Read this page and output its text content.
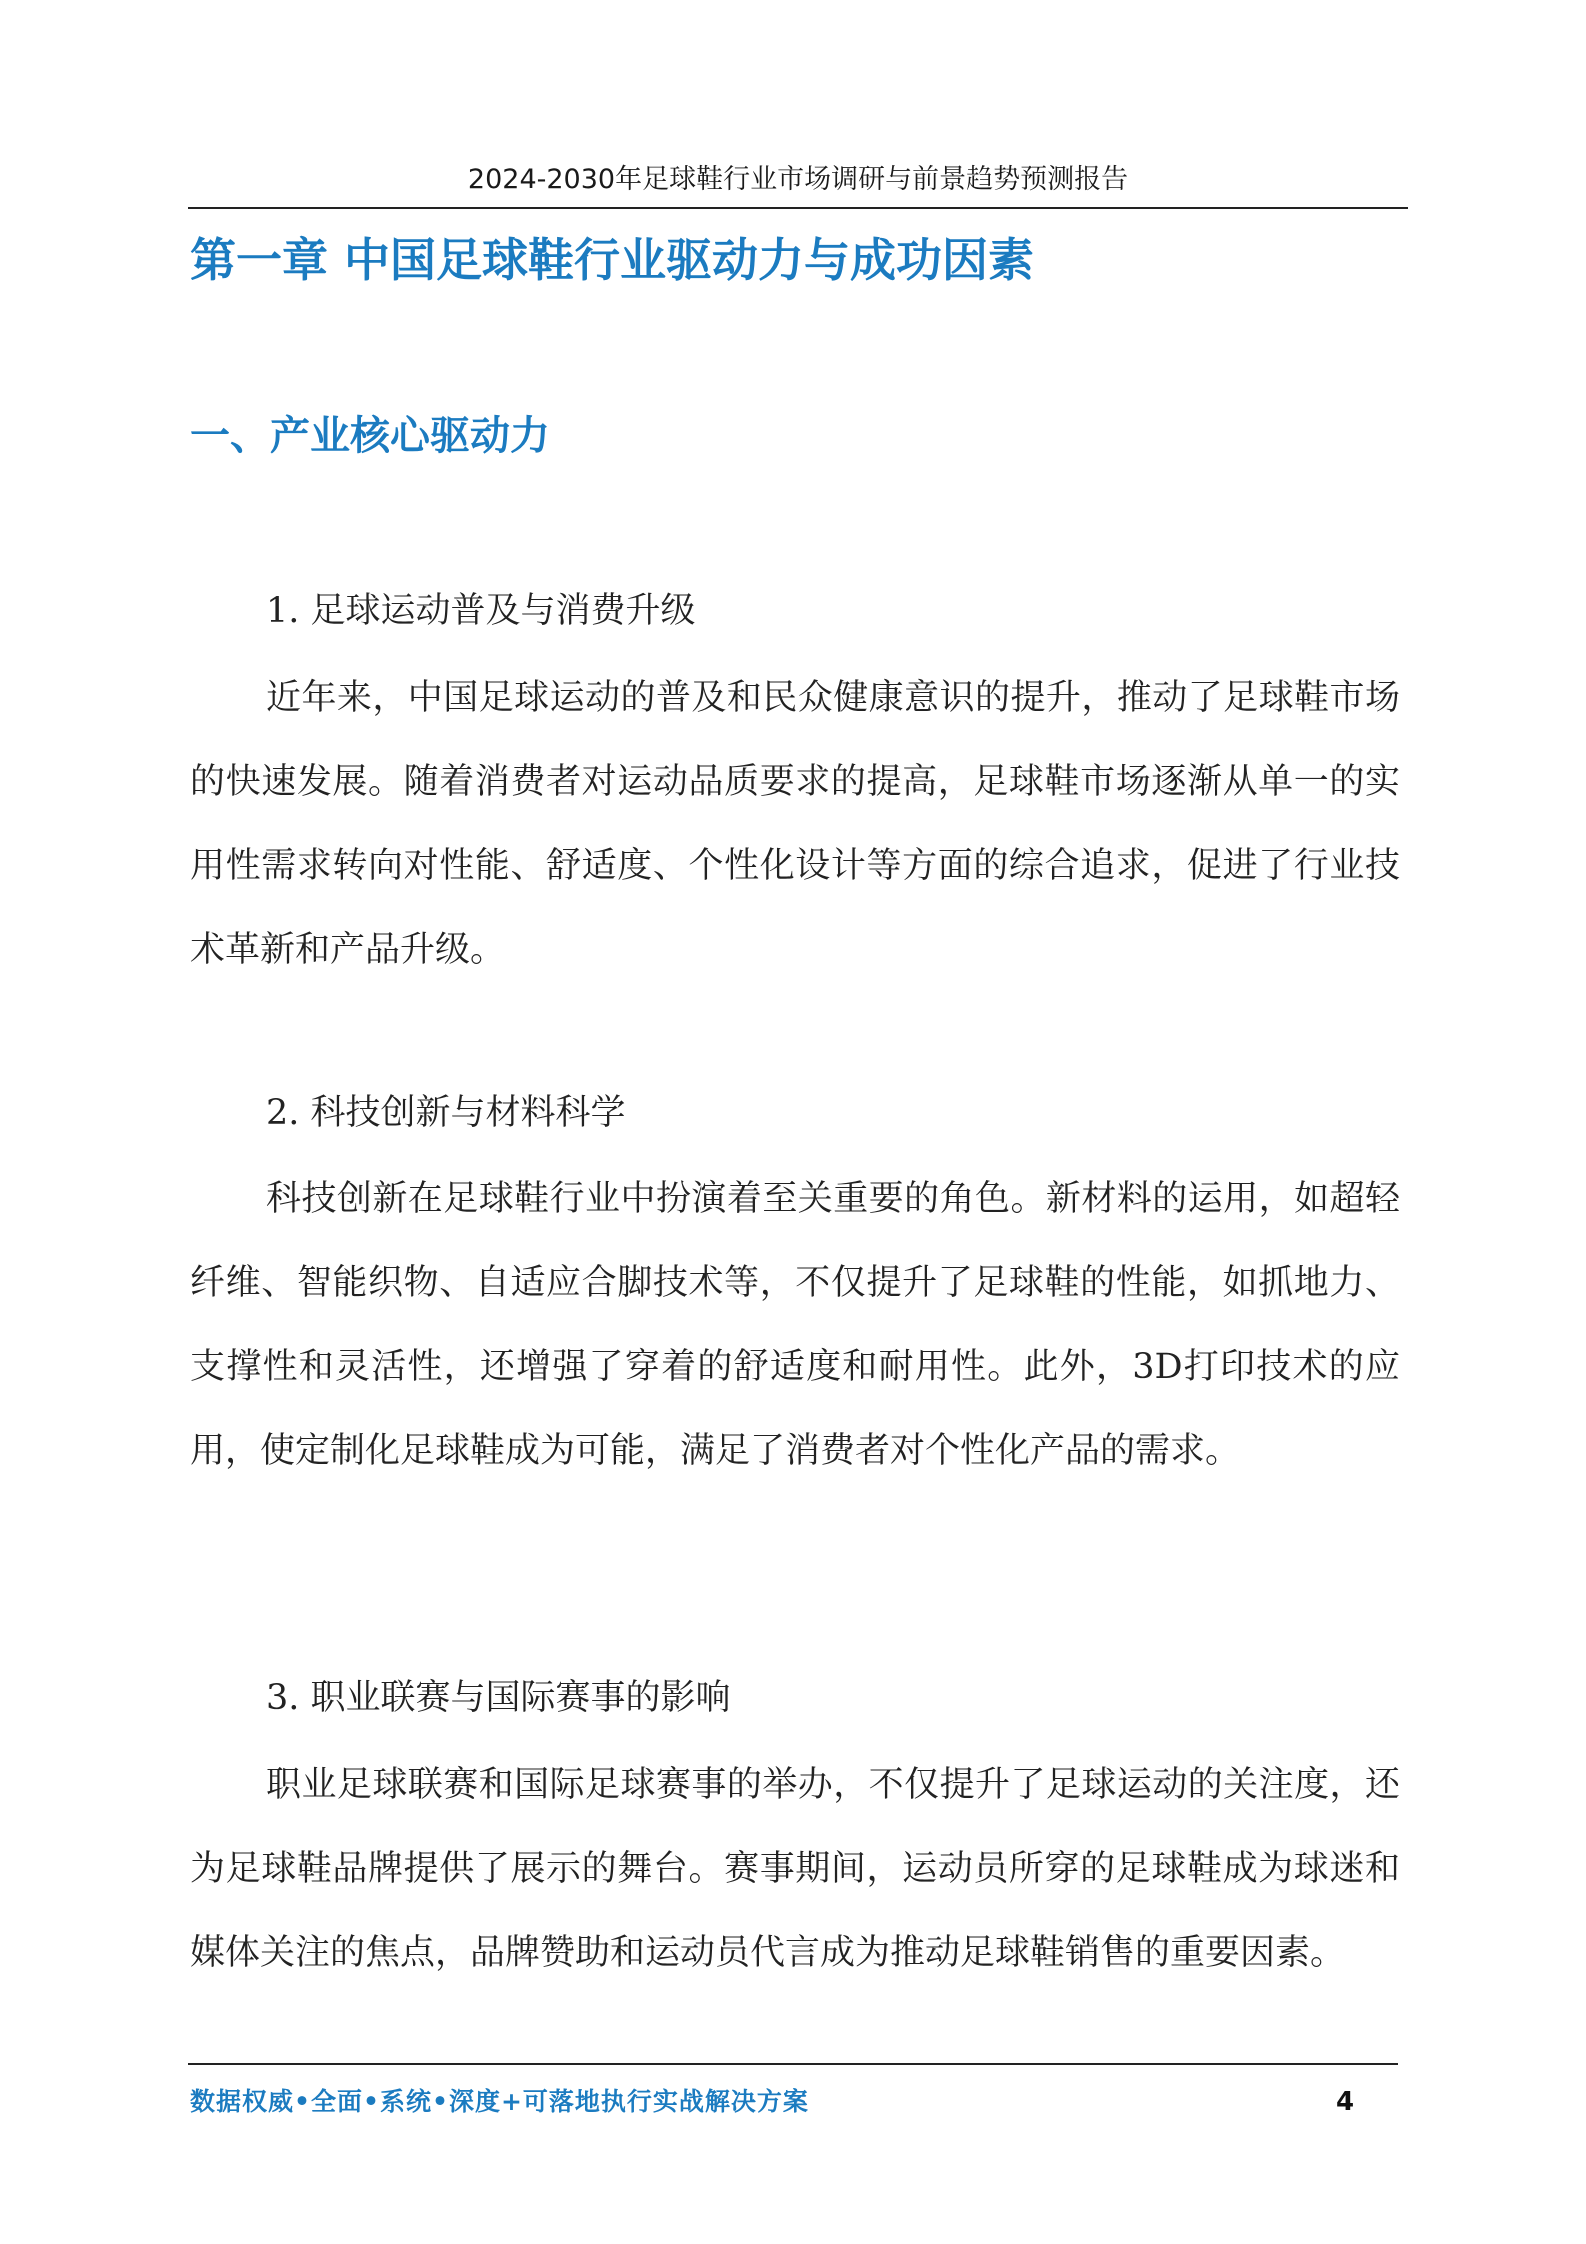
2024-2030年足球鞋行业市场调研与前景趋势预测报告
第一章 中国足球鞋行业驱动力与成功因素
一、产业核心驱动力
1. 足球运动普及与消费升级

近年来，中国足球运动的普及和民众健康意识的提升，推动了足球鞋市场的快速发展。随着消费者对运动品质要求的提高，足球鞋市场逐渐从单一的实用性需求转向对性能、舒适度、个性化设计等方面的综合追求，促进了行业技术革新和产品升级。

2. 科技创新与材料科学

科技创新在足球鞋行业中扮演着至关重要的角色。新材料的运用，如超轻纤维、智能织物、自适应合脚技术等，不仅提升了足球鞋的性能，如抓地力、支撑性和灵活性，还增强了穿着的舒适度和耐用性。此外，3D打印技术的应用，使定制化足球鞋成为可能，满足了消费者对个性化产品的需求。

3. 职业联赛与国际赛事的影响

职业足球联赛和国际足球赛事的举办，不仅提升了足球运动的关注度，还为足球鞋品牌提供了展示的舞台。赛事期间，运动员所穿的足球鞋成为球迷和媒体关注的焦点，品牌赞助和运动员代言成为推动足球鞋销售的重要因素。

数据权威•全面•系统•深度+可落地执行实战解决方案	4
